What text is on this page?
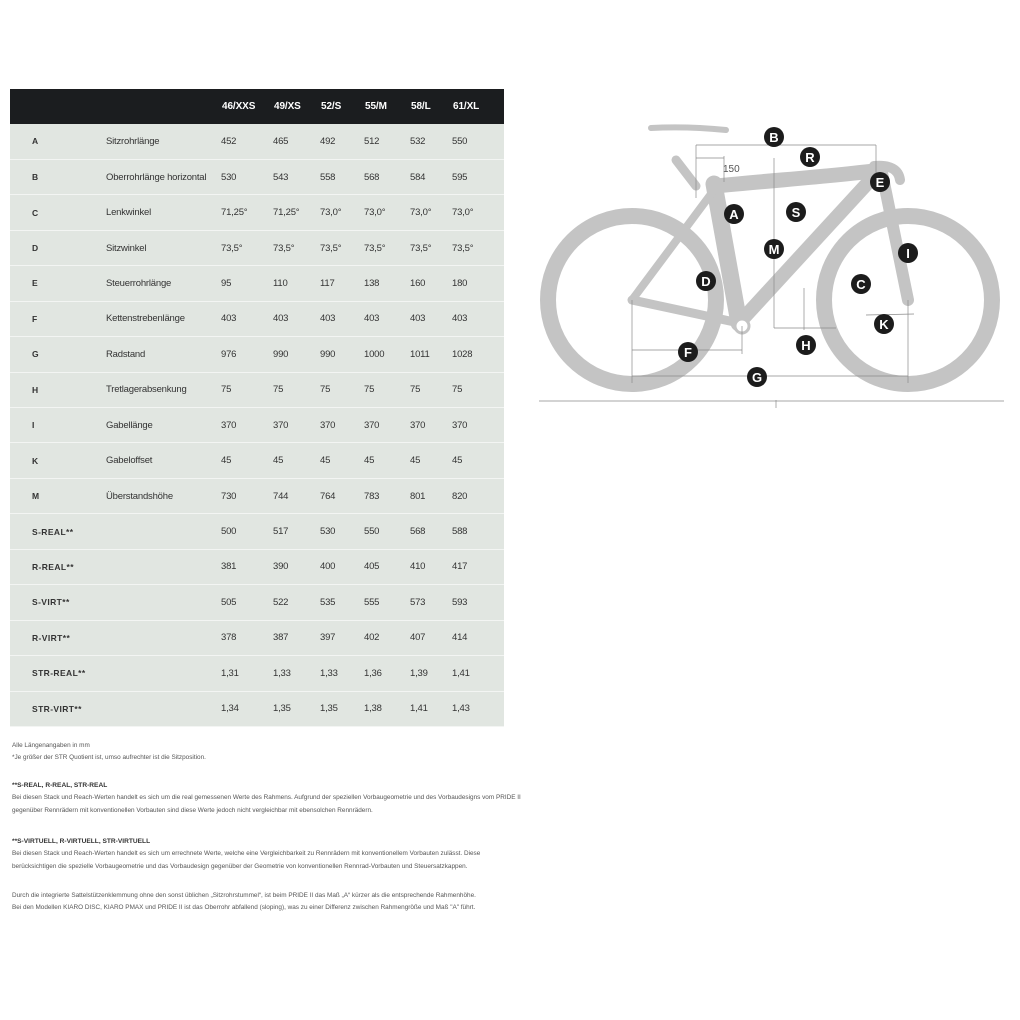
		46/XXS	49/XS	52/S	55/M	58/L	61/XL
A	Sitzrohrlänge	452	465	492	512	532	550
B	Oberrohrlänge horizontal	530	543	558	568	584	595
C	Lenkwinkel	71,25°	71,25°	73,0°	73,0°	73,0°	73,0°
D	Sitzwinkel	73,5°	73,5°	73,5°	73,5°	73,5°	73,5°
E	Steuerrohrlänge	95	110	117	138	160	180
F	Kettenstrebenlänge	403	403	403	403	403	403
G	Radstand	976	990	990	1000	1011	1028
H	Tretlagerabsenkung	75	75	75	75	75	75
I	Gabellänge	370	370	370	370	370	370
K	Gabeloffset	45	45	45	45	45	45
M	Überstandshöhe	730	744	764	783	801	820
S-REAL**		500	517	530	550	568	588
R-REAL**		381	390	400	405	410	417
S-VIRT**		505	522	535	555	573	593
R-VIRT**		378	387	397	402	407	414
STR-REAL**		1,31	1,33	1,33	1,36	1,39	1,41
STR-VIRT**		1,34	1,35	1,35	1,38	1,41	1,43

Alle Längenangaben in mm

*Je größer der STR Quotient ist, umso aufrechter ist die Sitzposition.

**S-REAL, R-REAL, STR-REAL

Bei diesen Stack und Reach-Werten handelt es sich um die real gemessenen Werte des Rahmens. Aufgrund der speziellen Vorbaugeometrie und des Vorbaudesigns vom PRIDE II

gegenüber Rennrädern mit konventionellen Vorbauten sind diese Werte jedoch nicht vergleichbar mit ebensolchen Rennrädern.

**S-VIRTUELL, R-VIRTUELL, STR-VIRTUELL

Bei diesen Stack und Reach-Werten handelt es sich um errechnete Werte, welche eine Vergleichbarkeit zu Rennrädern mit konventionellem Vorbauten zulässt. Diese

berücksichtigen die spezielle Vorbaugeometrie und das Vorbaudesign gegenüber der Geometrie von konventionellen Rennrad-Vorbauten und Steuersatzkappen.

Durch die integrierte Sattelstützenklemmung ohne den sonst üblichen „Sitzrohrstummel“, ist beim PRIDE II das Maß „A“ kürzer als die entsprechende Rahmenhöhe.

Bei den Modellen KIARO DISC, KIARO PMAX und PRIDE II ist das Oberrohr abfallend (sloping), was zu einer Differenz zwischen Rahmengröße und Maß "A" führt.

150
B
R
E
A	S
M	I
D	C
K
H
F
G
